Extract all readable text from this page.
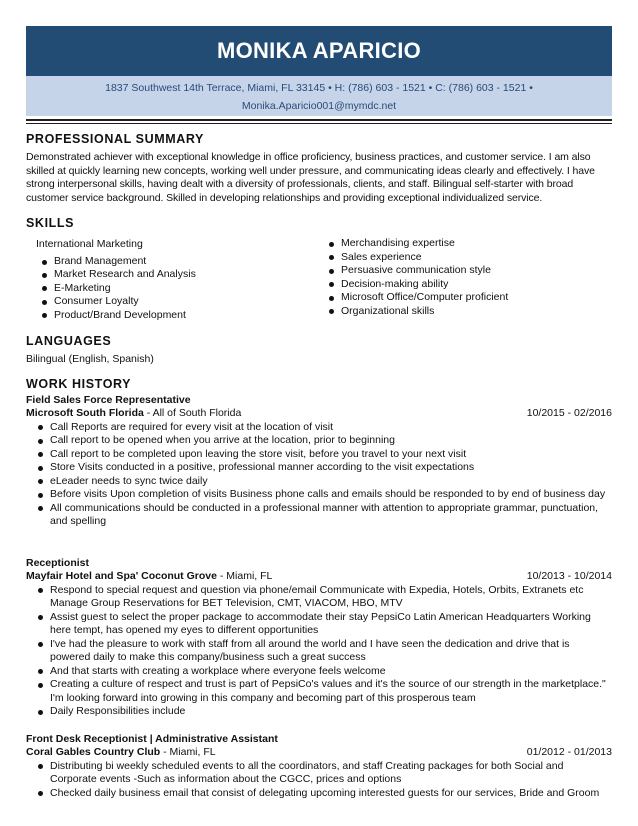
MONIKA APARICIO
1837 Southwest 14th Terrace, Miami, FL 33145 • H: (786) 603 - 1521 • C: (786) 603 - 1521 •
Monika.Aparicio001@mymdc.net
PROFESSIONAL SUMMARY

Demonstrated achiever with exceptional knowledge in office proficiency, business practices, and customer service. I am also skilled at quickly learning new concepts, working well under pressure, and communicating ideas clearly and effectively. I have strong interpersonal skills, having dealt with a diversity of professionals, clients, and staff. Bilingual self-starter with broad customer service background. Skilled in developing relationships and providing exceptional individualized service.

SKILLS
International Marketing
Brand Management
Market Research and Analysis
E-Marketing
Consumer Loyalty
Product/Brand Development
Merchandising expertise
Sales experience
Persuasive communication style
Decision-making ability
Microsoft Office/Computer proficient
Organizational skills
LANGUAGES
Bilingual (English, Spanish)
WORK HISTORY
Field Sales Force Representative
Microsoft South Florida - All of South Florida	10/2015 - 02/2016
Call Reports are required for every visit at the location of visit
Call report to be opened when you arrive at the location, prior to beginning
Call report to be completed upon leaving the store visit, before you travel to your next visit
Store Visits conducted in a positive, professional manner according to the visit expectations
eLeader needs to sync twice daily
Before visits Upon completion of visits Business phone calls and emails should be responded to by end of business day
All communications should be conducted in a professional manner with attention to appropriate grammar, punctuation, and spelling
Receptionist
Mayfair Hotel and Spa' Coconut Grove - Miami, FL	10/2013 - 10/2014
Respond to special request and question via phone/email Communicate with Expedia, Hotels, Orbits, Extranets etc Manage Group Reservations for BET Television, CMT, VIACOM, HBO, MTV
Assist guest to select the proper package to accommodate their stay PepsiCo Latin American Headquarters Working here tempt, has opened my eyes to different opportunities
I've had the pleasure to work with staff from all around the world and I have seen the dedication and drive that is powered daily to make this company/business such a great success
And that starts with creating a workplace where everyone feels welcome
Creating a culture of respect and trust is part of PepsiCo's values and it's the source of our strength in the marketplace." I'm looking forward into growing in this company and becoming part of this prosperous team
Daily Responsibilities include
Front Desk Receptionist | Administrative Assistant
Coral Gables Country Club - Miami, FL	01/2012 - 01/2013
Distributing bi weekly scheduled events to all the coordinators, and staff Creating packages for both Social and Corporate events -Such as information about the CGCC, prices and options
Checked daily business email that consist of delegating upcoming interested guests for our services, Bride and Groom
